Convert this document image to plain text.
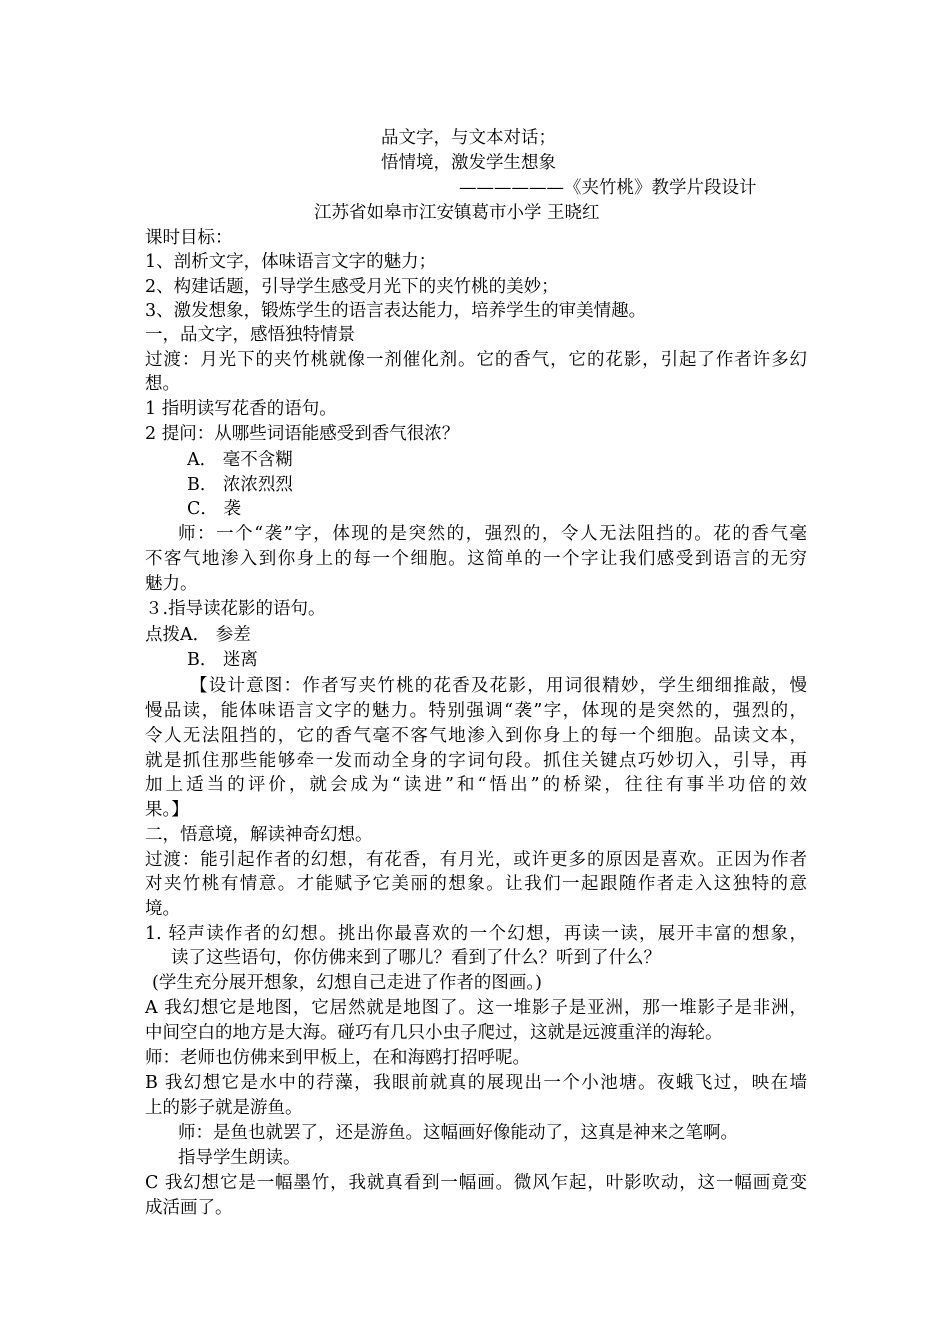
品文字，与文本对话；
悟情境，激发学生想象
——————《夹竹桃》教学片段设计
江苏省如皋市江安镇葛市小学 王晓红
课时目标：
1、剖析文字，体味语言文字的魅力；
2、构建话题，引导学生感受月光下的夹竹桃的美妙；
3、激发想象，锻炼学生的语言表达能力，培养学生的审美情趣。
一，品文字，感悟独特情景
过渡：月光下的夹竹桃就像一剂催化剂。它的香气，它的花影，引起了作者许多幻
想。
1 指明读写花香的语句。
2 提问：从哪些词语能感受到香气很浓？
A． 毫不含糊
B． 浓浓烈烈
C． 袭
师：一个“袭”字，体现的是突然的，强烈的，令人无法阻挡的。花的香气毫
不客气地渗入到你身上的每一个细胞。这简单的一个字让我们感受到语言的无穷
魅力。
３.指导读花影的语句。
点拨A． 参差
B． 迷离
【设计意图：作者写夹竹桃的花香及花影，用词很精妙，学生细细推敲，慢
慢品读，能体味语言文字的魅力。特别强调“袭”字，体现的是突然的，强烈的，
令人无法阻挡的，它的香气毫不客气地渗入到你身上的每一个细胞。品读文本，
就是抓住那些能够牵一发而动全身的字词句段。抓住关键点巧妙切入，引导，再
加上适当的评价，就会成为“读进”和“悟出”的桥梁，往往有事半功倍的效
果。】
二，悟意境，解读神奇幻想。
过渡：能引起作者的幻想，有花香，有月光，或许更多的原因是喜欢。正因为作者
对夹竹桃有情意。才能赋予它美丽的想象。让我们一起跟随作者走入这独特的意
境。
1. 轻声读作者的幻想。挑出你最喜欢的一个幻想，再读一读，展开丰富的想象，
读了这些语句，你仿佛来到了哪儿？看到了什么？听到了什么？
(学生充分展开想象，幻想自己走进了作者的图画。)
A 我幻想它是地图，它居然就是地图了。这一堆影子是亚洲，那一堆影子是非洲，
中间空白的地方是大海。碰巧有几只小虫子爬过，这就是远渡重洋的海轮。
师：老师也仿佛来到甲板上，在和海鸥打招呼呢。
B 我幻想它是水中的荇藻，我眼前就真的展现出一个小池塘。夜蛾飞过，映在墙
上的影子就是游鱼。
师：是鱼也就罢了，还是游鱼。这幅画好像能动了，这真是神来之笔啊。
指导学生朗读。
C 我幻想它是一幅墨竹，我就真看到一幅画。微风乍起，叶影吹动，这一幅画竟变
成活画了。
